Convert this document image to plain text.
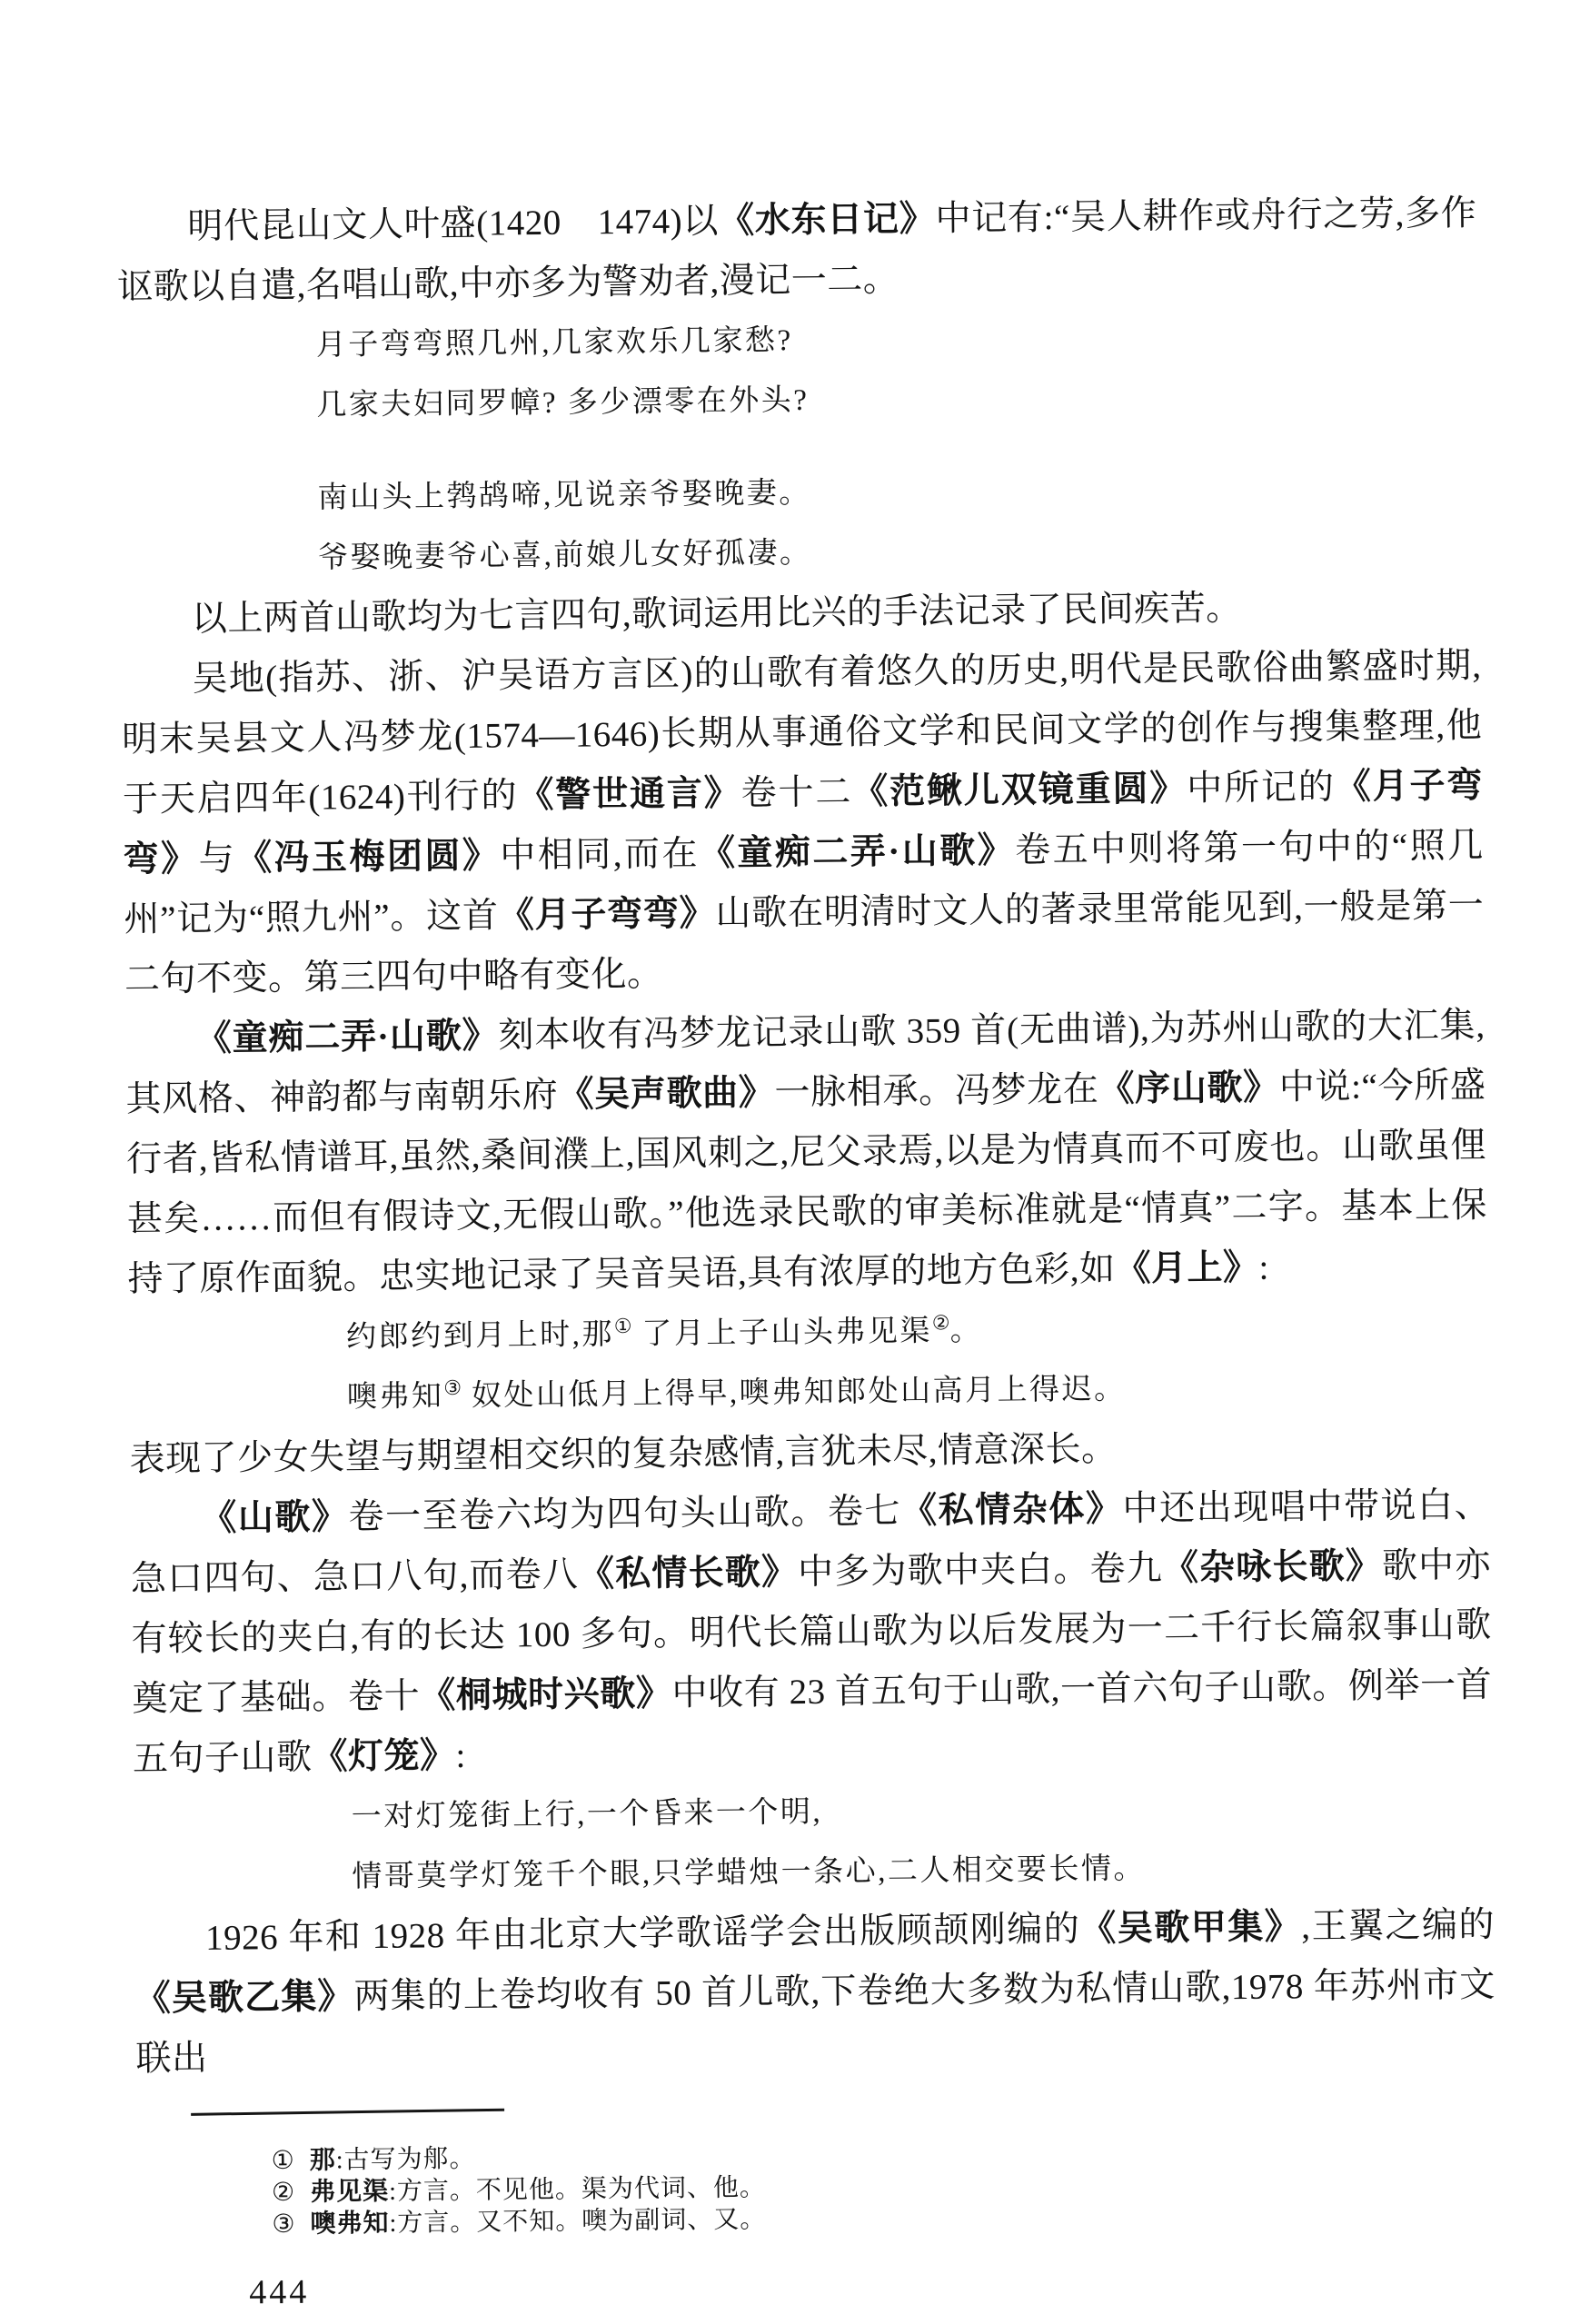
明代昆山文人叶盛(1420　1474)以《水东日记》中记有:“吴人耕作或舟行之劳,多作讴歌以自遣,名唱山歌,中亦多为警劝者,漫记一二。

月子弯弯照几州,几家欢乐几家愁?
几家夫妇同罗幛? 多少漂零在外头?
南山头上鹁鸪啼,见说亲爷娶晚妻。
爷娶晚妻爷心喜,前娘儿女好孤凄。

以上两首山歌均为七言四句,歌词运用比兴的手法记录了民间疾苦。

吴地(指苏、浙、沪吴语方言区)的山歌有着悠久的历史,明代是民歌俗曲繁盛时期,明末吴县文人冯梦龙(1574—1646)长期从事通俗文学和民间文学的创作与搜集整理,他于天启四年(1624)刊行的《警世通言》卷十二《范鳅儿双镜重圆》中所记的《月子弯弯》与《冯玉梅团圆》中相同,而在《童痴二弄·山歌》卷五中则将第一句中的“照几州”记为“照九州”。这首《月子弯弯》山歌在明清时文人的著录里常能见到,一般是第一二句不变。第三四句中略有变化。

《童痴二弄·山歌》刻本收有冯梦龙记录山歌 359 首(无曲谱),为苏州山歌的大汇集,其风格、神韵都与南朝乐府《吴声歌曲》一脉相承。冯梦龙在《序山歌》中说:“今所盛行者,皆私情谱耳,虽然,桑间濮上,国风刺之,尼父录焉,以是为情真而不可废也。山歌虽俚甚矣……而但有假诗文,无假山歌。”他选录民歌的审美标准就是“情真”二字。基本上保持了原作面貌。忠实地记录了吴音吴语,具有浓厚的地方色彩,如《月上》:

约郎约到月上时,那① 了月上子山头弗见渠②。
噢弗知③ 奴处山低月上得早,噢弗知郎处山高月上得迟。

表现了少女失望与期望相交织的复杂感情,言犹未尽,情意深长。

《山歌》卷一至卷六均为四句头山歌。卷七《私情杂体》中还出现唱中带说白、急口四句、急口八句,而卷八《私情长歌》中多为歌中夹白。卷九《杂咏长歌》歌中亦有较长的夹白,有的长达 100 多句。明代长篇山歌为以后发展为一二千行长篇叙事山歌奠定了基础。卷十《桐城时兴歌》中收有 23 首五句于山歌,一首六句子山歌。例举一首五句子山歌《灯笼》:

一对灯笼街上行,一个昏来一个明,
情哥莫学灯笼千个眼,只学蜡烛一条心,二人相交要长情。

1926 年和 1928 年由北京大学歌谣学会出版顾颉刚编的《吴歌甲集》,王翼之编的《吴歌乙集》两集的上卷均收有 50 首儿歌,下卷绝大多数为私情山歌,1978 年苏州市文联出

① 那:古写为郍。

② 弗见渠:方言。不见他。渠为代词、他。

③ 噢弗知:方言。又不知。噢为副词、又。

444
